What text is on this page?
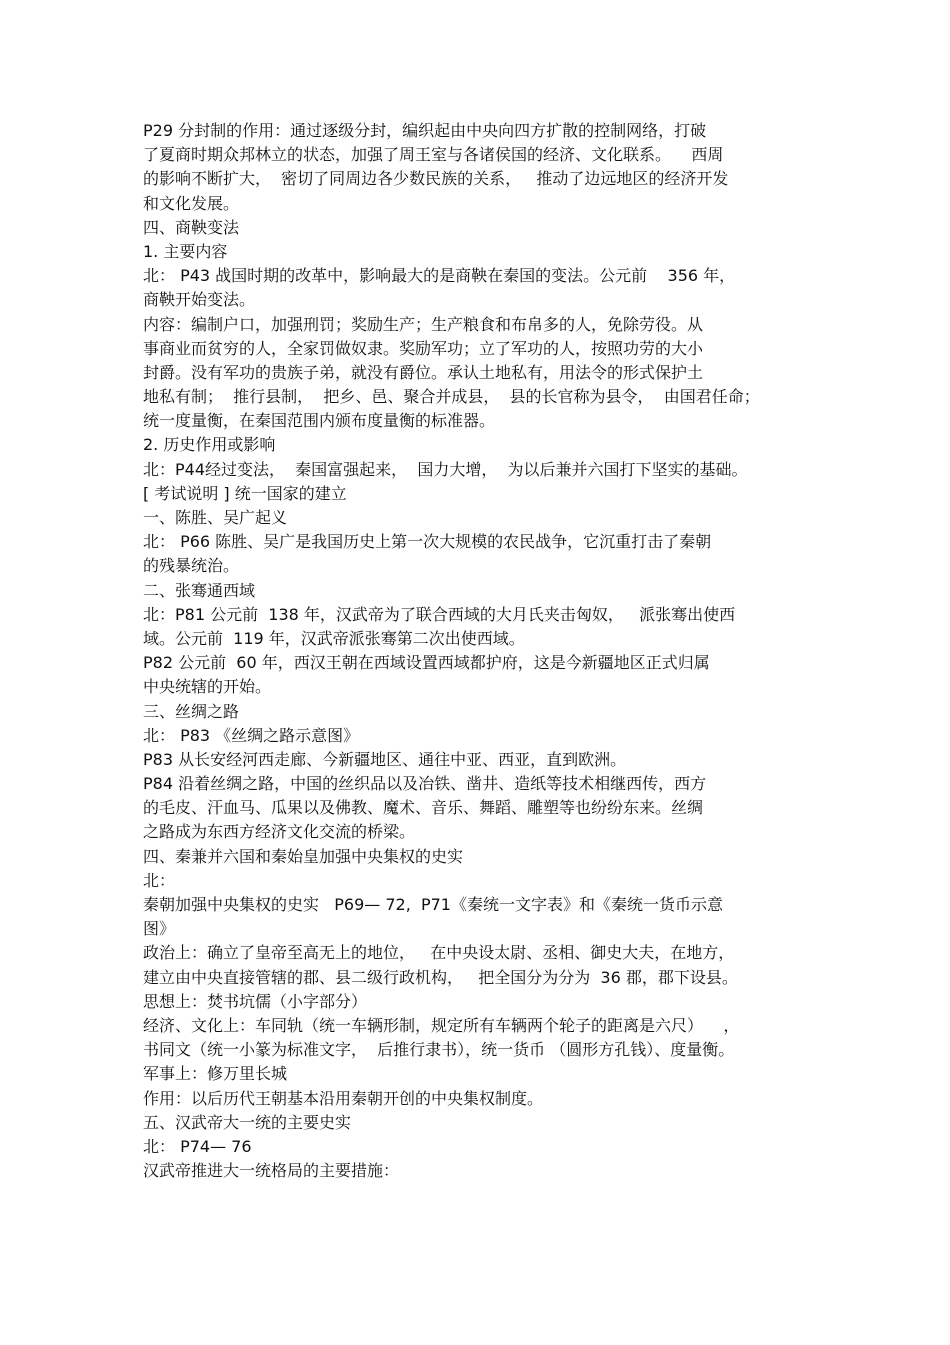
P29 分封制的作用：通过逐级分封，编织起由中央向四方扩散的控制网络，打破
了夏商时期众邦林立的状态，加强了周王室与各诸侯国的经济、文化联系。    西周
的影响不断扩大，  密切了同周边各少数民族的关系，   推动了边远地区的经济开发
和文化发展。
四、商鞅变法
1. 主要内容
北： P43 战国时期的改革中，影响最大的是商鞅在秦国的变法。公元前    356 年，
商鞅开始变法。
内容：编制户口，加强刑罚；奖励生产；生产粮食和布帛多的人，免除劳役。从
事商业而贫穷的人，全家罚做奴隶。奖励军功；立了军功的人，按照功劳的大小
封爵。没有军功的贵族子弟，就没有爵位。承认土地私有，用法令的形式保护土
地私有制；  推行县制，  把乡、邑、聚合并成县，  县的长官称为县令，  由国君任命；
统一度量衡，在秦国范围内颁布度量衡的标准器。
2. 历史作用或影响
北：P44经过变法，  秦国富强起来，  国力大增，  为以后兼并六国打下坚实的基础。
[ 考试说明 ] 统一国家的建立
一、陈胜、吴广起义
北： P66 陈胜、吴广是我国历史上第一次大规模的农民战争，它沉重打击了秦朝
的残暴统治。
二、张骞通西域
北：P81 公元前  138 年，汉武帝为了联合西域的大月氏夹击匈奴，   派张骞出使西
域。公元前  119 年，汉武帝派张骞第二次出使西域。
P82 公元前  60 年，西汉王朝在西域设置西域都护府，这是今新疆地区正式归属
中央统辖的开始。
三、丝绸之路
北： P83 《丝绸之路示意图》
P83 从长安经河西走廊、今新疆地区、通往中亚、西亚，直到欧洲。
P84 沿着丝绸之路，中国的丝织品以及冶铁、凿井、造纸等技术相继西传，西方
的毛皮、汗血马、瓜果以及佛教、魔术、音乐、舞蹈、雕塑等也纷纷东来。丝绸
之路成为东西方经济文化交流的桥梁。
四、秦兼并六国和秦始皇加强中央集权的史实
北：
秦朝加强中央集权的史实   P69— 72,  P71《秦统一文字表》和《秦统一货币示意
图》
政治上：确立了皇帝至高无上的地位，   在中央设太尉、丞相、御史大夫，在地方，
建立由中央直接管辖的郡、县二级行政机构，   把全国分为分为  36 郡，郡下设县。
思想上：焚书坑儒（小字部分）
经济、文化上：车同轨（统一车辆形制，规定所有车辆两个轮子的距离是六尺）    ，
书同文（统一小篆为标准文字，  后推行隶书），统一货币 （圆形方孔钱）、度量衡。
军事上：修万里长城
作用：以后历代王朝基本沿用秦朝开创的中央集权制度。
五、汉武帝大一统的主要史实
北： P74— 76
汉武帝推进大一统格局的主要措施：
